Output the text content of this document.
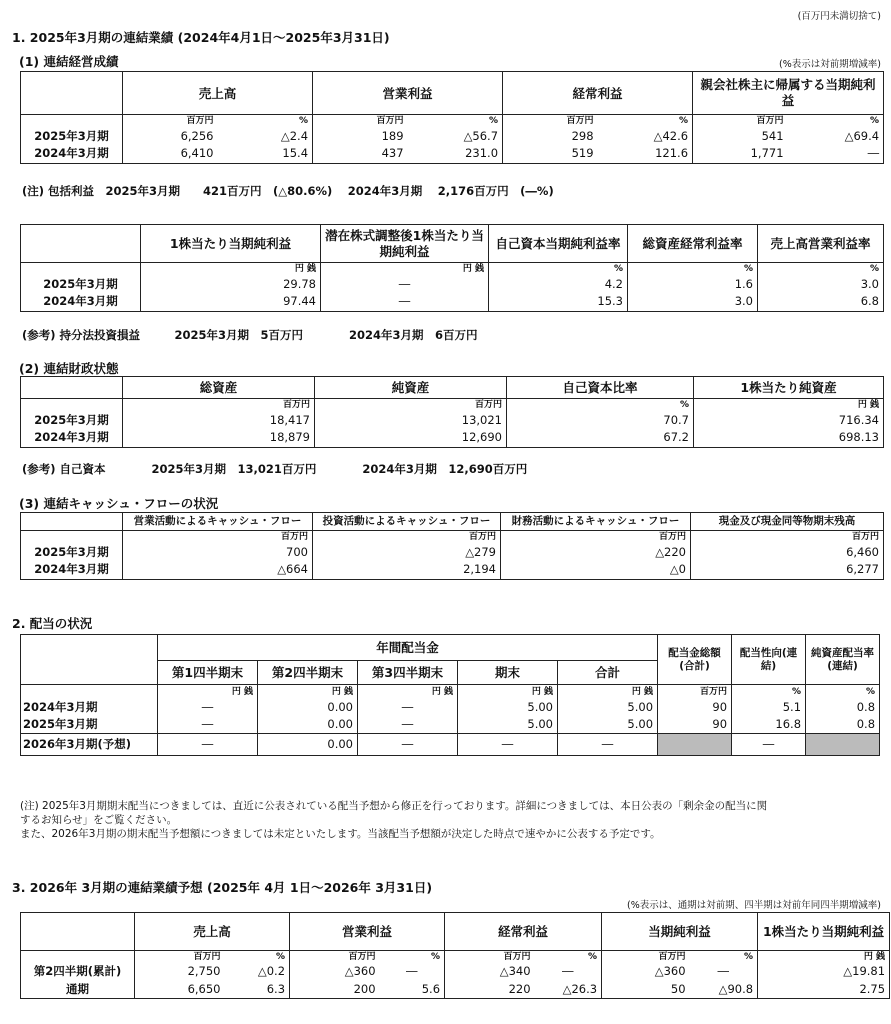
(百万円未満切捨て)
1. 2025年3月期の連結業績 (2024年4月1日～2025年3月31日)
(1) 連結経営成績	(%表示は対前期増減率)
	売上高		営業利益		経常利益		親会社株主に帰属する当期純利益	
	百万円	%	百万円	%	百万円	%	百万円	%
2025年3月期	6,256	△2.4	189	△56.7	298	△42.6	541	△69.4
2024年3月期	6,410	15.4	437	231.0	519	121.6	1,771	―
(注) 包括利益　2025年3月期　　421百万円　(△80.6%)　 2024年3月期　 2,176百万円　(―%)
	1株当たり当期純利益	潜在株式調整後1株当たり当期純利益	自己資本当期純利益率	総資産経常利益率	売上高営業利益率
	円 銭	円 銭	%	%	%
2025年3月期	29.78	―	4.2	1.6	3.0
2024年3月期	97.44	―	15.3	3.0	6.8
(参考) 持分法投資損益　　　2025年3月期　5百万円　　　　2024年3月期　6百万円
(2) 連結財政状態
	総資産	純資産	自己資本比率	1株当たり純資産
	百万円	百万円	%	円 銭
2025年3月期	18,417	13,021	70.7	716.34
2024年3月期	18,879	12,690	67.2	698.13
(参考) 自己資本　　　　2025年3月期　13,021百万円　　　　2024年3月期　12,690百万円
(3) 連結キャッシュ・フローの状況
	営業活動によるキャッシュ・フロー	投資活動によるキャッシュ・フロー	財務活動によるキャッシュ・フロー	現金及び現金同等物期末残高
	百万円	百万円	百万円	百万円
2025年3月期	700	△279	△220	6,460
2024年3月期	△664	2,194	△0	6,277
2. 配当の状況
	年間配当金					配当金総額(合計)	配当性向(連結)	純資産配当率(連結)
	第1四半期末	第2四半期末	第3四半期末	期末	合計			
	円 銭	円 銭	円 銭	円 銭	円 銭	百万円	%	%
2024年3月期	―	0.00	―	5.00	5.00	90	5.1	0.8
2025年3月期	―	0.00	―	5.00	5.00	90	16.8	0.8
2026年3月期(予想)	―	0.00	―	―	―		―	
(注) 2025年3月期期末配当につきましては、直近に公表されている配当予想から修正を行っております。詳細につきましては、本日公表の「剰余金の配当に関
するお知らせ」をご覧ください。
また、2026年3月期の期末配当予想額につきましては未定といたします。当該配当予想額が決定した時点で速やかに公表する予定です。
3. 2026年 3月期の連結業績予想 (2025年 4月 1日～2026年 3月31日)
(%表示は、通期は対前期、四半期は対前年同四半期増減率)
	売上高		営業利益		経常利益		当期純利益		1株当たり当期純利益
	百万円	%	百万円	%	百万円	%	百万円	%	円 銭
第2四半期(累計)	2,750	△0.2	△360	―	△340	―	△360	―	△19.81
通期	6,650	6.3	200	5.6	220	△26.3	50	△90.8	2.75
